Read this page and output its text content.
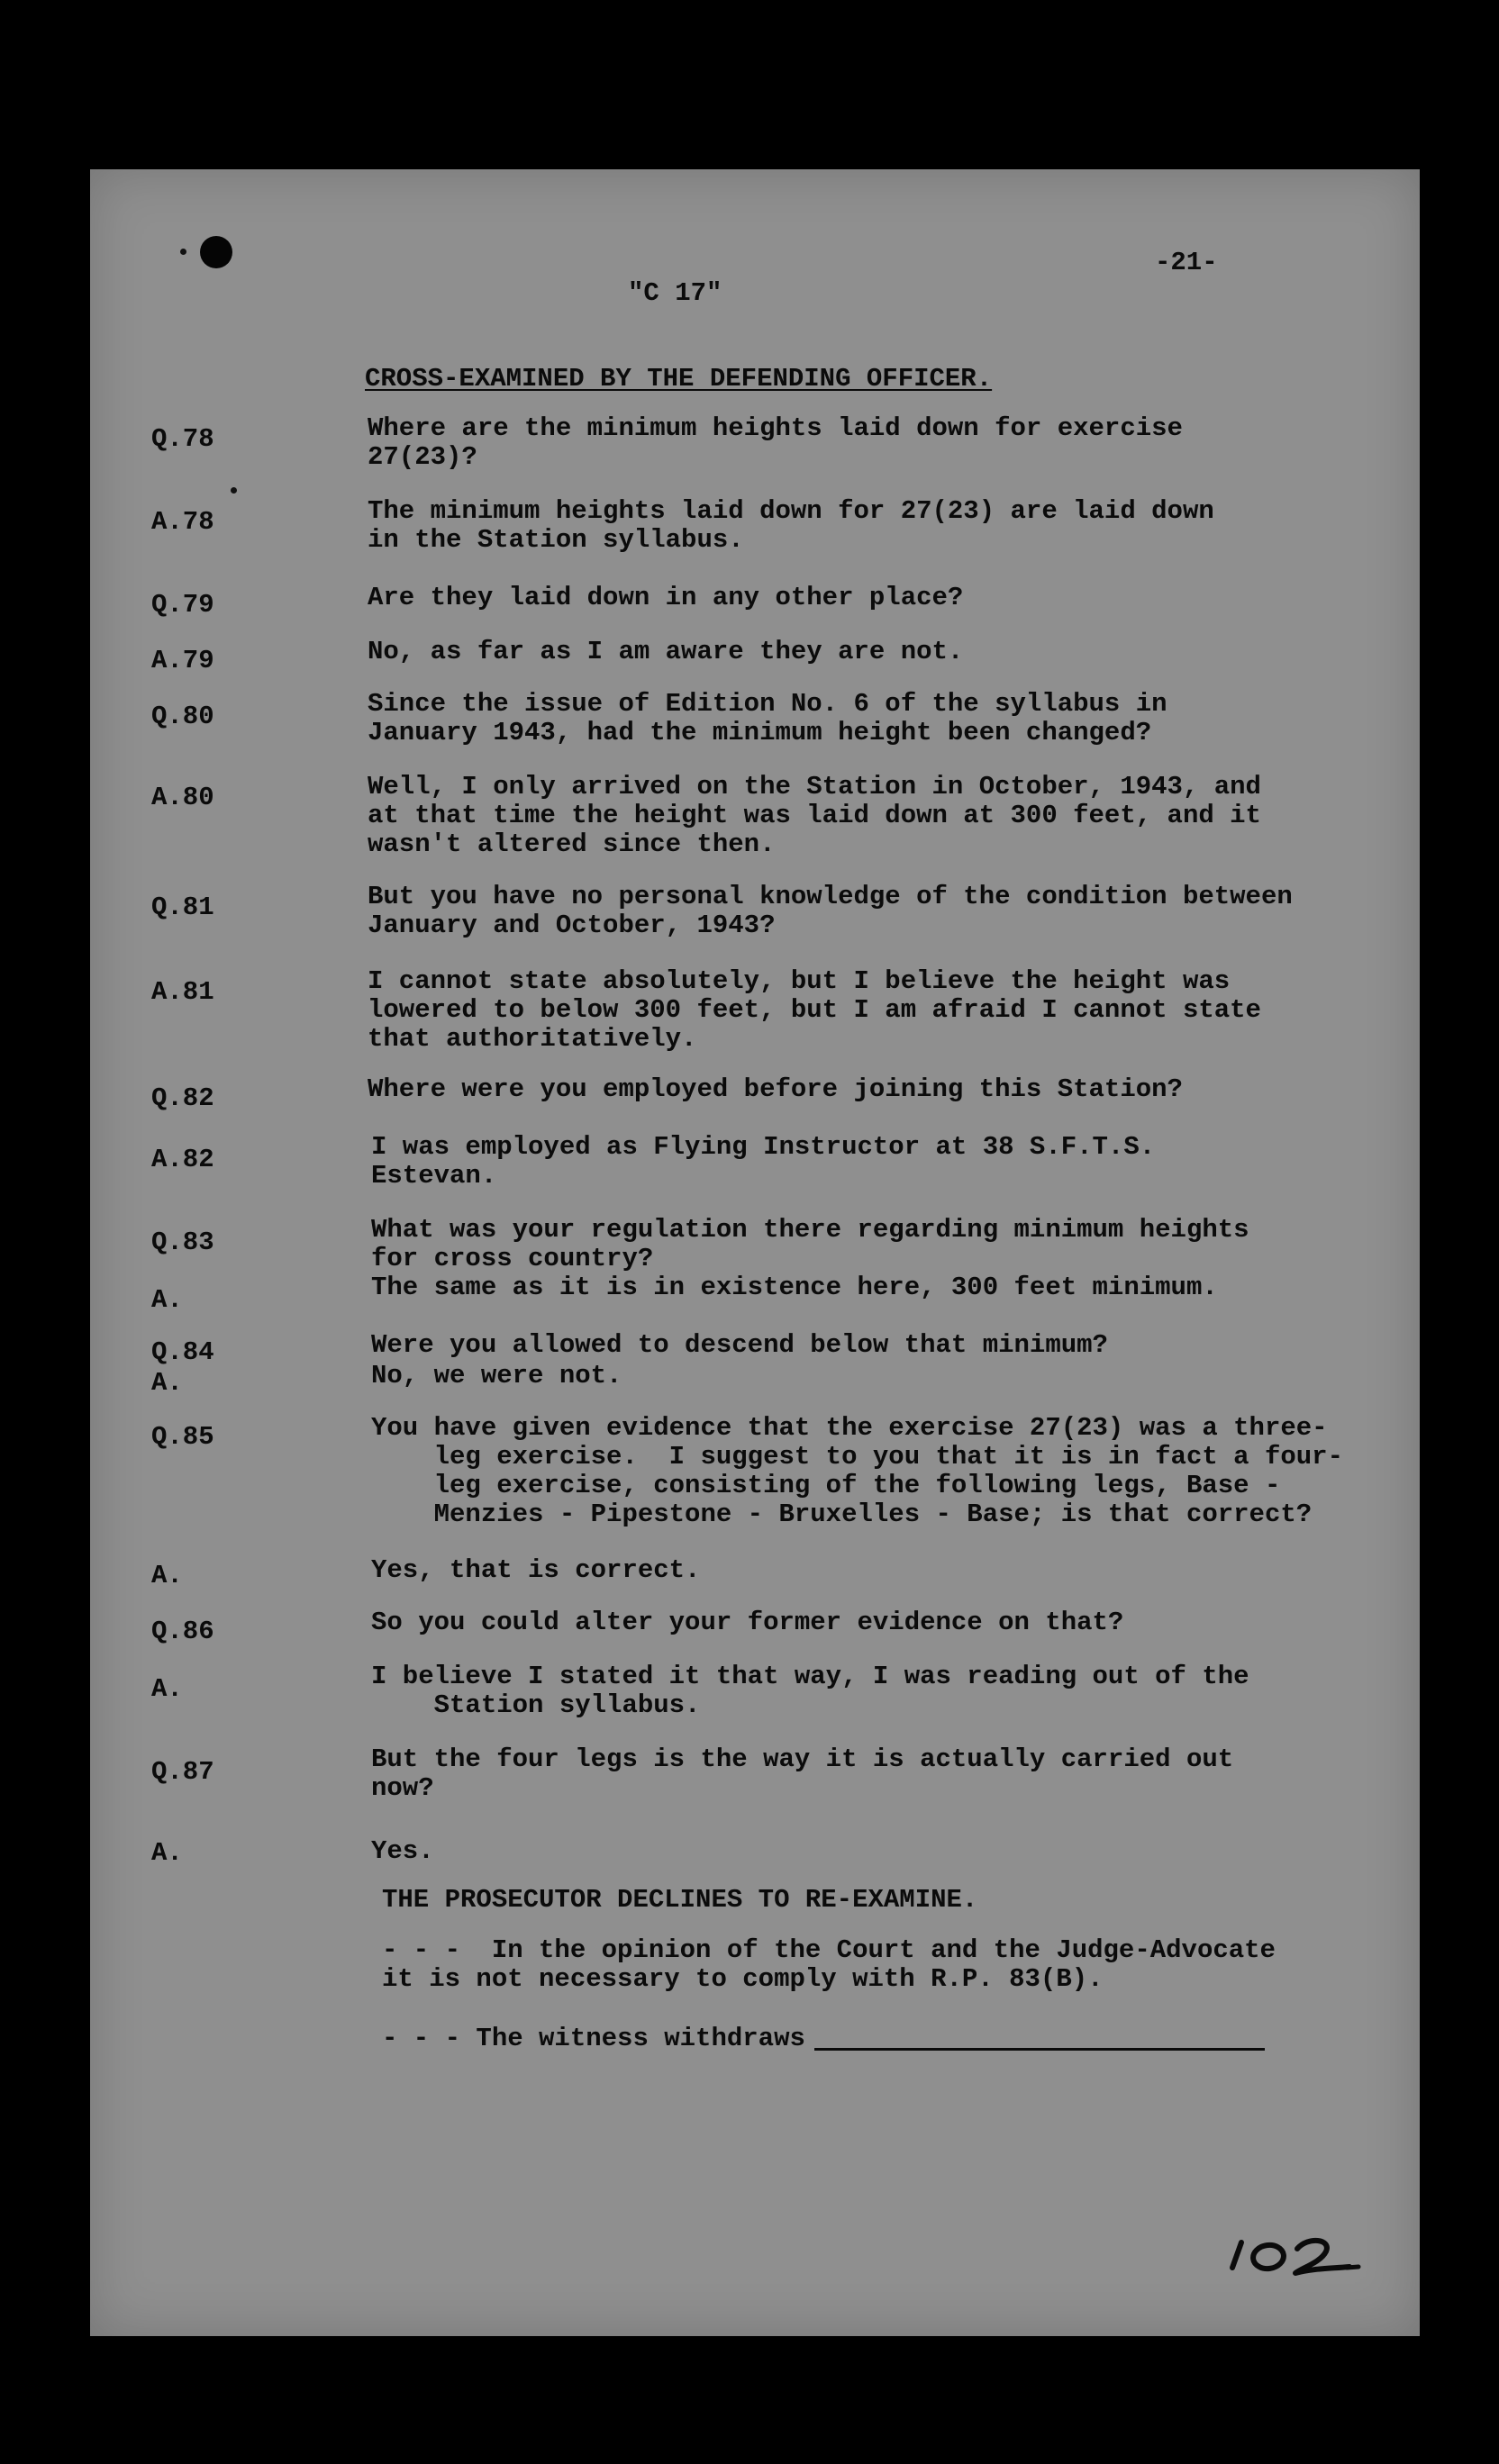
-21-
"C 17"
CROSS-EXAMINED BY THE DEFENDING OFFICER.
Q.78	Where are the minimum heights laid down for exercise
27(23)?
A.78	The minimum heights laid down for 27(23) are laid down
in the Station syllabus.
Q.79	Are they laid down in any other place?
A.79	No, as far as I am aware they are not.
Q.80	Since the issue of Edition No. 6 of the syllabus in
January 1943, had the minimum height been changed?
A.80	Well, I only arrived on the Station in October, 1943, and
at that time the height was laid down at 300 feet, and it
wasn't altered since then.
Q.81	But you have no personal knowledge of the condition between
January and October, 1943?
A.81	I cannot state absolutely, but I believe the height was
lowered to below 300 feet, but I am afraid I cannot state
that authoritatively.
Q.82	Where were you employed before joining this Station?
A.82	I was employed as Flying Instructor at 38 S.F.T.S.
Estevan.
Q.83	What was your regulation there regarding minimum heights
for cross country?
A.	The same as it is in existence here, 300 feet minimum.
Q.84	Were you allowed to descend below that minimum?
A.	No, we were not.
Q.85	You have given evidence that the exercise 27(23) was a three-
leg exercise.  I suggest to you that it is in fact a four-
leg exercise, consisting of the following legs, Base -
Menzies - Pipestone - Bruxelles - Base; is that correct?
A.	Yes, that is correct.
Q.86	So you could alter your former evidence on that?
A.	I believe I stated it that way, I was reading out of the
Station syllabus.
Q.87	But the four legs is the way it is actually carried out
now?
A.	Yes.
THE PROSECUTOR DECLINES TO RE-EXAMINE.
- - -  In the opinion of the Court and the Judge-Advocate
it is not necessary to comply with R.P. 83(B).
- - - The witness withdraws
